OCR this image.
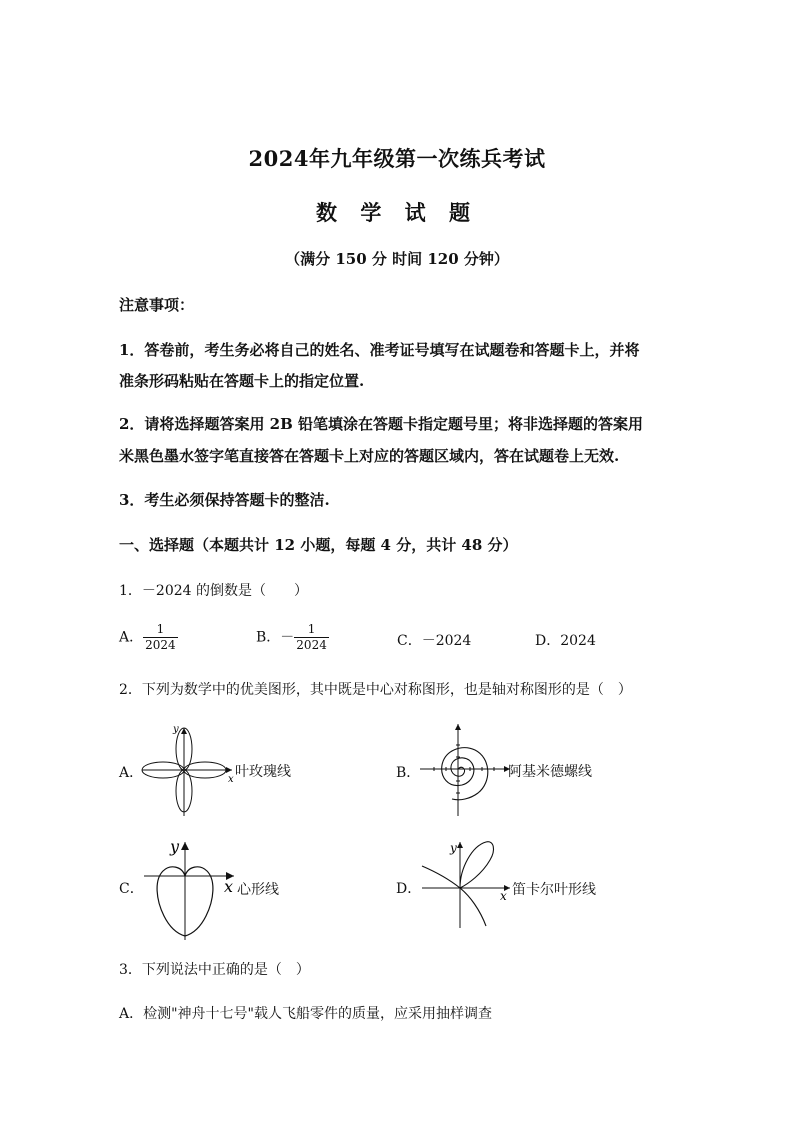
2024年九年级第一次练兵考试
数 学 试 题
（满分 150 分 时间 120 分钟）
注意事项：
1．答卷前，考生务必将自己的姓名、准考证号填写在试题卷和答题卡上，并将
准条形码粘贴在答题卡上的指定位置.
2．请将选择题答案用 2B 铅笔填涂在答题卡指定题号里；将非选择题的答案用
米黑色墨水签字笔直接答在答题卡上对应的答题区域内，答在试题卷上无效.
3．考生必须保持答题卡的整洁.
一、选择题（本题共计 12 小题，每题 4 分，共计 48 分）
1．－2024 的倒数是（　　）
A． $\frac{1}{2024}$	B．－ $\frac{1}{2024}$	C．－2024	D．2024
2．下列为数学中的优美图形，其中既是中心对称图形，也是轴对称图形的是（　）
A．
y
x 叶玫瑰线	B．	阿基米德螺线
C．
y
x 心形线	D．
y
x 笛卡尔叶形线
3．下列说法中正确的是（　）
A．检测"神舟十七号"载人飞船零件的质量，应采用抽样调查
